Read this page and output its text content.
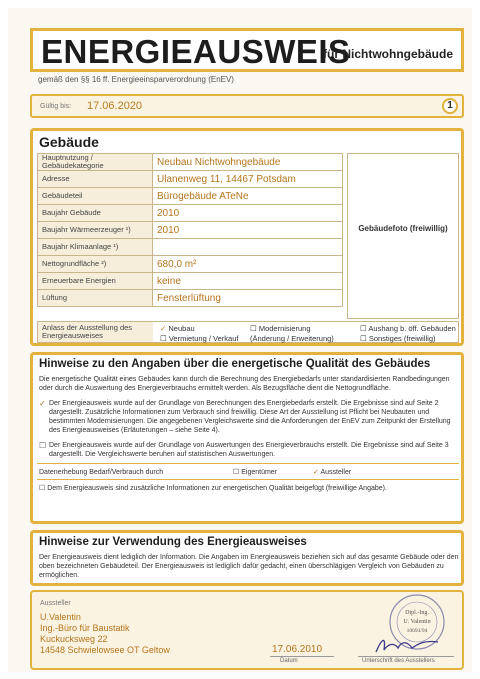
ENERGIEAUSWEIS
für Nichtwohngebäude
gemäß den §§ 16 ff. Energieeinsparverordnung (EnEV)
Gültig bis: 17.06.2020	1
Gebäude
Hauptnutzung / Gebäudekategorie	Neubau Nichtwohngebäude
Adresse	Ulanenweg 11, 14467 Potsdam
Gebäudeteil	Bürogebäude ATeNe
Baujahr Gebäude	2010
Baujahr Wärmeerzeuger ¹)	2010
Baujahr Klimaanlage ¹)	
Nettogrundfläche ²)	680,0 m²
Erneuerbare Energien	keine
Lüftung	Fensterlüftung
Gebäudefoto (freiwillig)
Anlass der Ausstellung des Energieausweises
✓ Neubau
☐ Vermietung / Verkauf
☐ Modernisierung
(Änderung / Erweiterung)
☐ Aushang b. öff. Gebäuden
☐ Sonstiges (freiwillig)
Hinweise zu den Angaben über die energetische Qualität des Gebäudes
Die energetische Qualität eines Gebäudes kann durch die Berechnung des Energiebedarfs unter standardisierten Randbedingungen oder durch die Auswertung des Energieverbrauchs ermittelt werden. Als Bezugsfläche dient die Nettogrundfläche.
✓ Der Energieausweis wurde auf der Grundlage von Berechnungen des Energiebedarfs erstellt. Die Ergebnisse sind auf Seite 2 dargestellt. Zusätzliche Informationen zum Verbrauch sind freiwillig. Diese Art der Ausstellung ist Pflicht bei Neubauten und bestimmten Modernisierungen. Die angegebenen Vergleichswerte sind die Anforderungen der EnEV zum Zeitpunkt der Erstellung des Energieausweises (Erläuterungen – siehe Seite 4).
☐ Der Energieausweis wurde auf der Grundlage von Auswertungen des Energieverbrauchs erstellt. Die Ergebnisse sind auf Seite 3 dargestellt. Die Vergleichswerte beruhen auf statistischen Auswertungen.
Datenerhebung Bedarf/Verbrauch durch	☐ Eigentümer	✓ Aussteller
☐ Dem Energieausweis sind zusätzliche Informationen zur energetischen Qualität beigefügt (freiwillige Angabe).
Hinweise zur Verwendung des Energieausweises
Der Energieausweis dient lediglich der Information. Die Angaben im Energieausweis beziehen sich auf das gesamte Gebäude oder den oben bezeichneten Gebäudeteil. Der Energieausweis ist lediglich dafür gedacht, einen überschlägigen Vergleich von Gebäuden zu ermöglichen.
Aussteller
U.Valentin
Ing.-Büro für Baustatik
Kuckucksweg 22
14548 Schwielowsee OT Geltow	17.06.2010
Datum
Dipl.-Ing.
U. Valentin
10693/94
Unterschrift des Ausstellers
